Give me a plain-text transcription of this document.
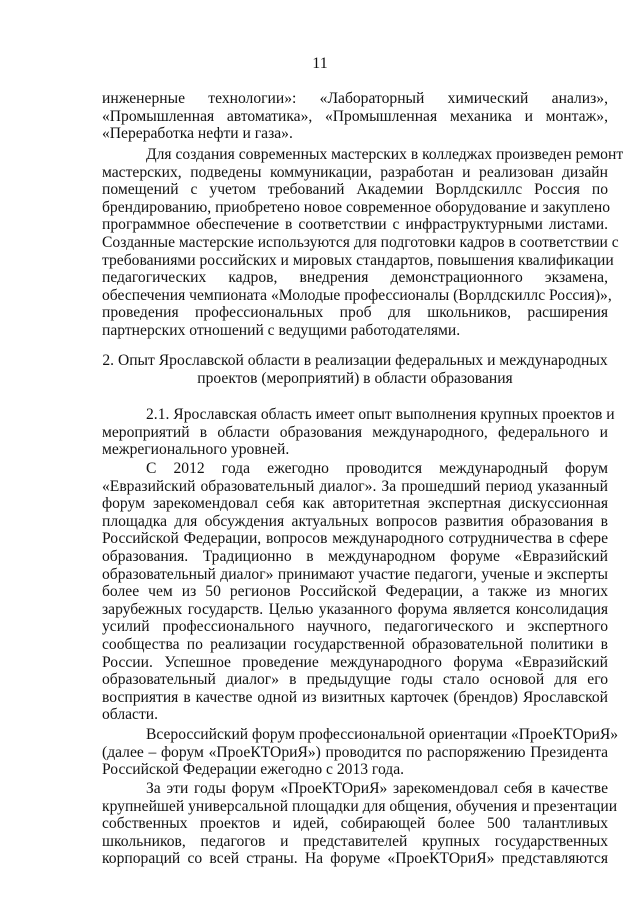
11
инженерные технологии»: «Лабораторный химический анализ»,
«Промышленная автоматика», «Промышленная механика и монтаж»,
«Переработка нефти и газа».
Для создания современных мастерских в колледжах произведен ремонт
мастерских, подведены коммуникации, разработан и реализован дизайн
помещений с учетом требований Академии Ворлдскиллс Россия по
брендированию, приобретено новое современное оборудование и закуплено
программное обеспечение в соответствии с инфраструктурными листами.
Созданные мастерские используются для подготовки кадров в соответствии с
требованиями российских и мировых стандартов, повышения квалификации
педагогических кадров, внедрения демонстрационного экзамена,
обеспечения чемпионата «Молодые профессионалы (Ворлдскиллс Россия)»,
проведения профессиональных проб для школьников, расширения
партнерских отношений с ведущими работодателями.
2. Опыт Ярославской области в реализации федеральных и международных
проектов (мероприятий) в области образования
2.1. Ярославская область имеет опыт выполнения крупных проектов и
мероприятий в области образования международного, федерального и
межрегионального уровней.
С 2012 года ежегодно проводится международный форум
«Евразийский образовательный диалог». За прошедший период указанный
форум зарекомендовал себя как авторитетная экспертная дискуссионная
площадка для обсуждения актуальных вопросов развития образования в
Российской Федерации, вопросов международного сотрудничества в сфере
образования. Традиционно в международном форуме «Евразийский
образовательный диалог» принимают участие педагоги, ученые и эксперты
более чем из 50 регионов Российской Федерации, а также из многих
зарубежных государств. Целью указанного форума является консолидация
усилий профессионального научного, педагогического и экспертного
сообщества по реализации государственной образовательной политики в
России. Успешное проведение международного форума «Евразийский
образовательный диалог» в предыдущие годы стало основой для его
восприятия в качестве одной из визитных карточек (брендов) Ярославской
области.
Всероссийский форум профессиональной ориентации «ПроеКТОриЯ»
(далее – форум «ПроеКТОриЯ») проводится по распоряжению Президента
Российской Федерации ежегодно с 2013 года.
За эти годы форум «ПроеКТОриЯ» зарекомендовал себя в качестве
крупнейшей универсальной площадки для общения, обучения и презентации
собственных проектов и идей, собирающей более 500 талантливых
школьников, педагогов и представителей крупных государственных
корпораций со всей страны. На форуме «ПроеКТОриЯ» представляются
